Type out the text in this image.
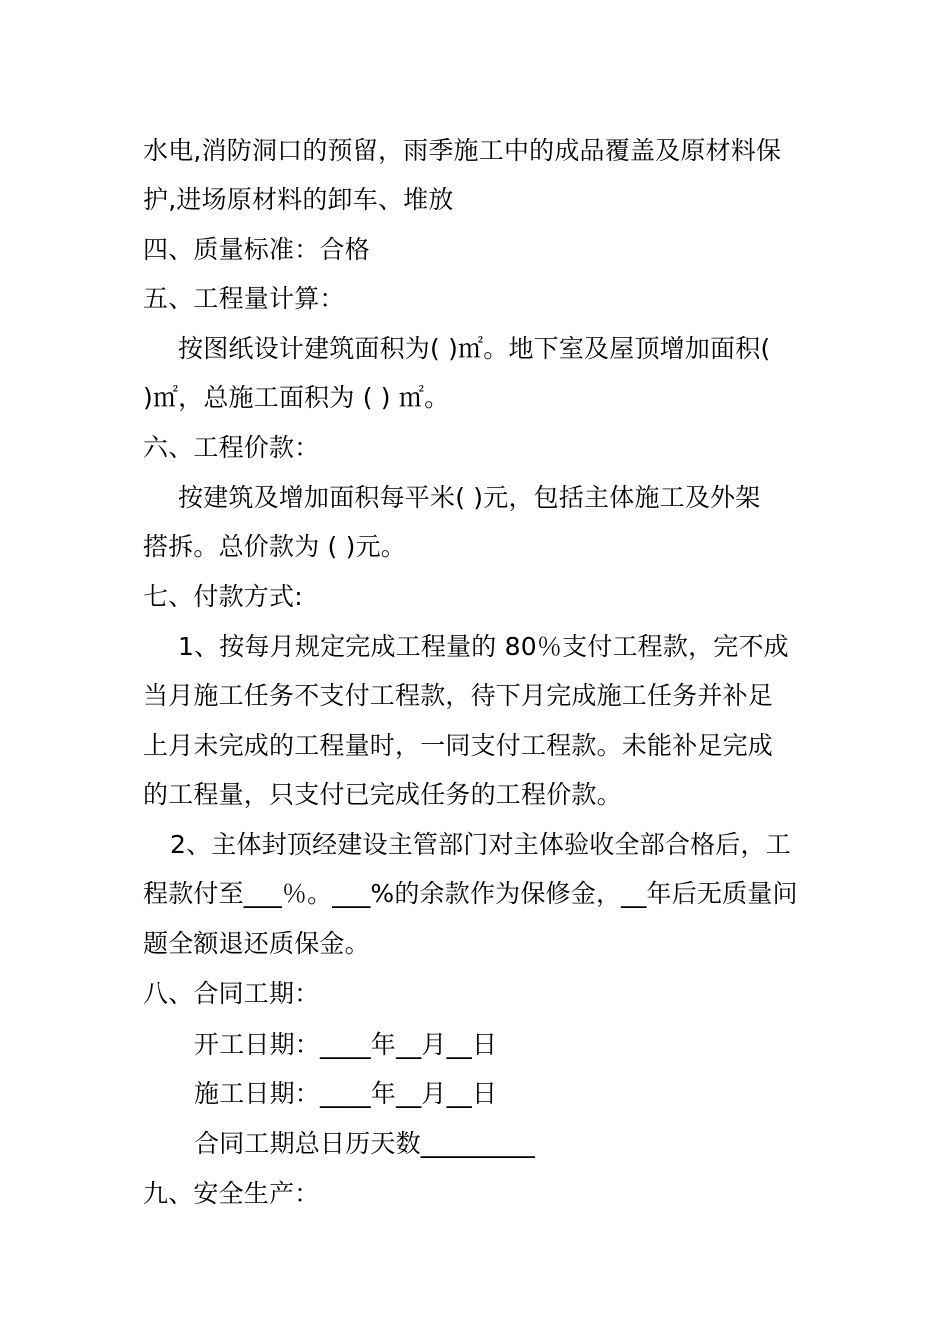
水电,消防洞口的预留，雨季施工中的成品覆盖及原材料保
护,进场原材料的卸车、堆放
四、质量标准：合格
五、工程量计算：
按图纸设计建筑面积为( )㎡。地下室及屋顶增加面积(
)㎡，总施工面积为 ( ) ㎡。
六、工程价款：
按建筑及增加面积每平米( )元，包括主体施工及外架
搭拆。总价款为 ( )元。
七、付款方式:
1、按每月规定完成工程量的 80％支付工程款，完不成
当月施工任务不支付工程款，待下月完成施工任务并补足
上月未完成的工程量时，一同支付工程款。未能补足完成
的工程量，只支付已完成任务的工程价款。
2、主体封顶经建设主管部门对主体验收全部合格后，工
程款付至___％。___%的余款作为保修金，__年后无质量问
题全额退还质保金。
八、合同工期：
开工日期：____年__月__日
施工日期：____年__月__日
合同工期总日历天数_________
九、安全生产：
